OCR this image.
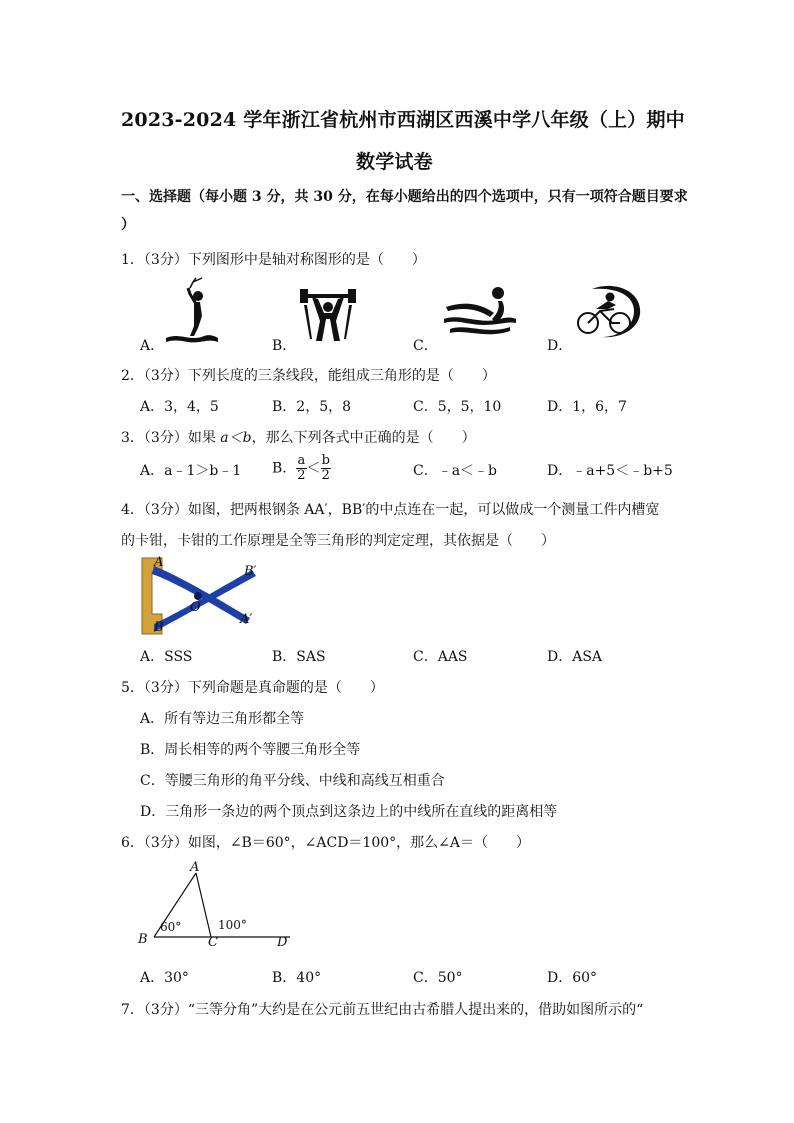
2023-2024 学年浙江省杭州市西湖区西溪中学八年级（上）期中
数学试卷
一、选择题（每小题 3 分，共 30 分，在每小题给出的四个选项中，只有一项符合题目要求
）
1．（3分）下列图形中是轴对称图形的是（　　）
A．	B．	C．	D．
2．（3分）下列长度的三条线段，能组成三角形的是（　　）
A．3，4，5	B．2，5，8	C．5，5，10	D．1，6，7
3．（3分）如果 a＜b，那么下列各式中正确的是（　　）
A．a﹣1＞b﹣1 B． $\frac{a}{2} < \frac{b}{2}$	C．﹣a＜﹣b	D．﹣a+5＜﹣b+5
4．（3分）如图，把两根钢条 AA′，BB′的中点连在一起，可以做成一个测量工件内槽宽
的卡钳，卡钳的工作原理是全等三角形的判定定理，其依据是（　　）
A
B
B′
A′
O
A．SSS	B．SAS	C．AAS	D．ASA
5．（3分）下列命题是真命题的是（　　）
A．所有等边三角形都全等
B．周长相等的两个等腰三角形全等
C．等腰三角形的角平分线、中线和高线互相重合
D．三角形一条边的两个顶点到这条边上的中线所在直线的距离相等
6．（3分）如图，∠B＝60°，∠ACD＝100°，那么∠A＝（　　）
A
B	C	D
60°	100°
A．30°	B．40°	C．50°	D．60°
7．（3分）“三等分角”大约是在公元前五世纪由古希腊人提出来的，借助如图所示的“
